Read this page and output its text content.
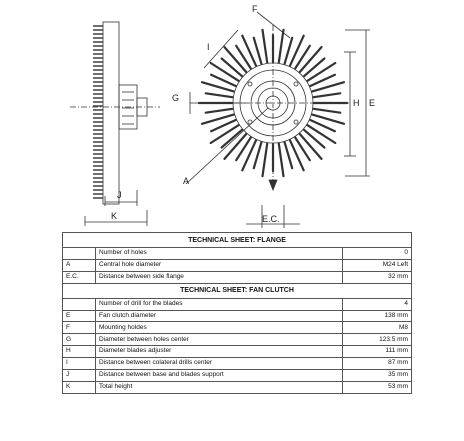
F
I
G	H E
A
J
K	E.C.
TECHNICAL SHEET: FLANGE		
	Number of holes	0
A	Central hole diameter	M24 Left
E.C.	Distance between side flange	32 mm
TECHNICAL SHEET: FAN CLUTCH		
	Number of drill for the blades	4
E	Fan clutch diameter	138 mm
F	Mounting holdes	M8
G	Diameter between holes center	123.5 mm
H	Diameter blades adjuster	111 mm
I	Distance between colateral drills center	87 mm
J	Distance between base and blades support	35 mm
K	Total height	53 mm
